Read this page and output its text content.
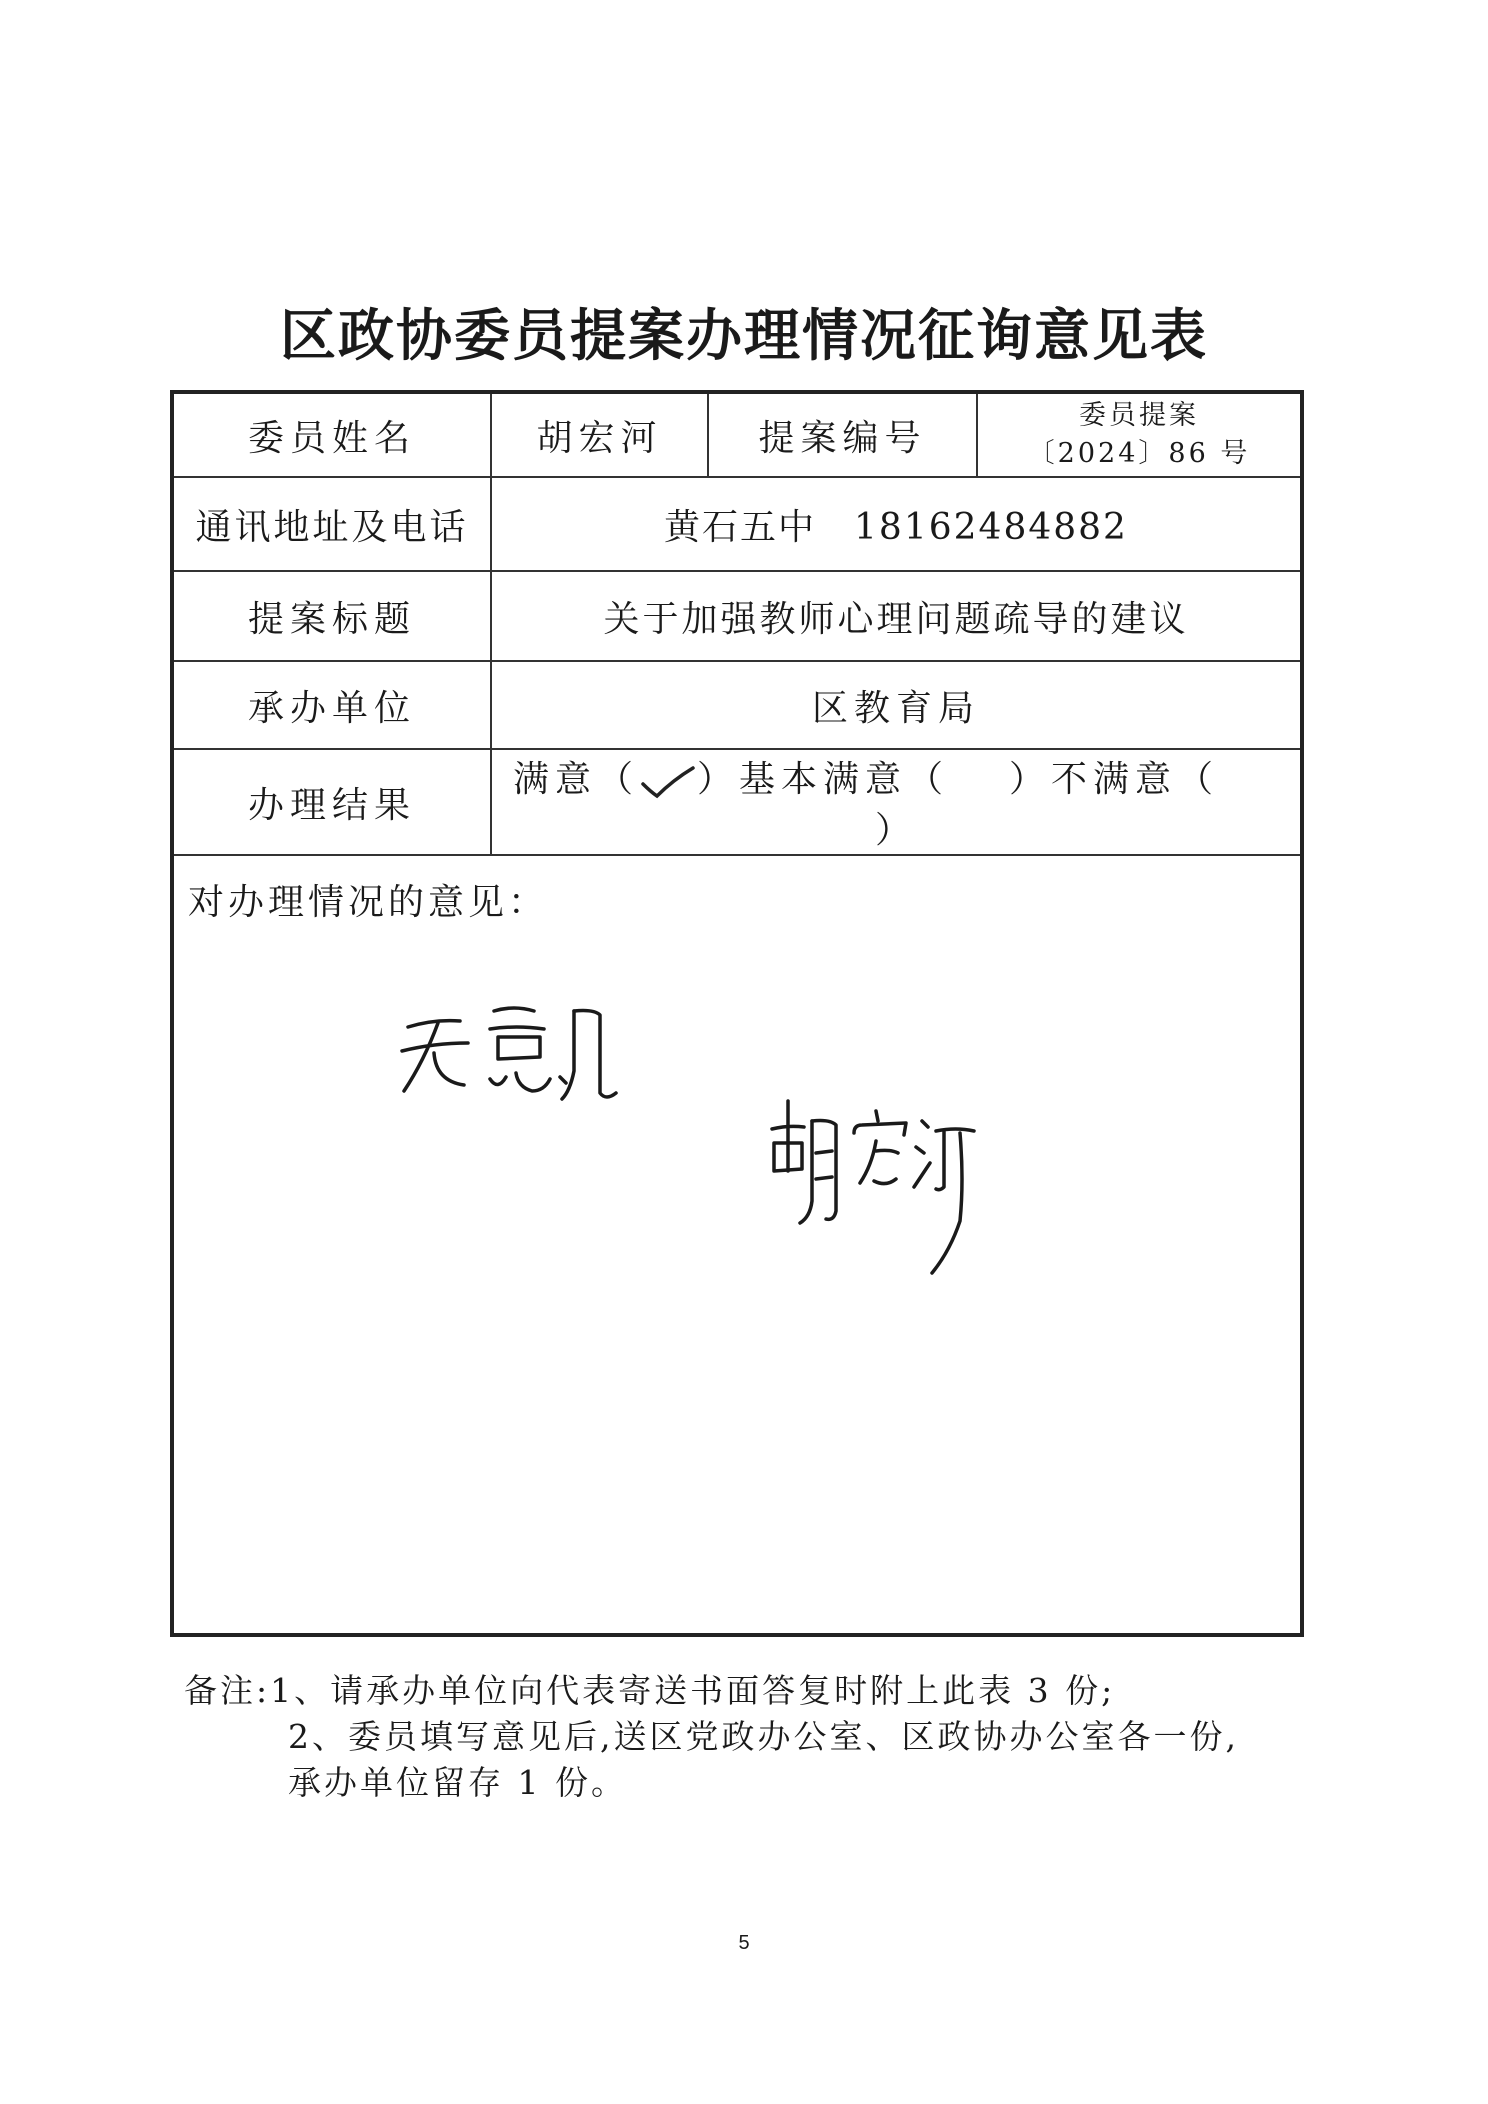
区政协委员提案办理情况征询意见表
委员姓名	胡宏河	提案编号	委员提案
〔2024〕86 号

通讯地址及电话	黄石五中　18162484882		
提案标题	关于加强教师心理问题疏导的建议		
承办单位	区教育局		
办理结果	满意（ ）基本满意（ ）不满意（）		

对办理情况的意见：			
备注:1、请承办单位向代表寄送书面答复时附上此表 3 份;
2、委员填写意见后,送区党政办公室、区政协办公室各一份,
承办单位留存 1 份。
5
